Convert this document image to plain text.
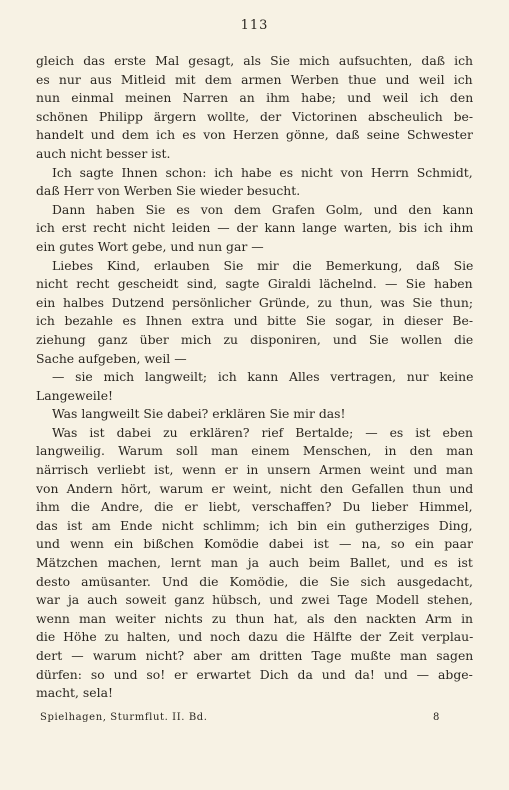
113
gleich das erste Mal gesagt, als Sie mich aufsuchten, daß ich
es nur aus Mitleid mit dem armen Werben thue und weil ich
nun einmal meinen Narren an ihm habe; und weil ich den
schönen Philipp ärgern wollte, der Victorinen abscheulich be-
handelt und dem ich es von Herzen gönne, daß seine Schwester
auch nicht besser ist.
Ich sagte Ihnen schon: ich habe es nicht von Herrn Schmidt,
daß Herr von Werben Sie wieder besucht.
Dann haben Sie es von dem Grafen Golm, und den kann
ich erst recht nicht leiden — der kann lange warten, bis ich ihm
ein gutes Wort gebe, und nun gar —
Liebes Kind, erlauben Sie mir die Bemerkung, daß Sie
nicht recht gescheidt sind, sagte Giraldi lächelnd. — Sie haben
ein halbes Dutzend persönlicher Gründe, zu thun, was Sie thun;
ich bezahle es Ihnen extra und bitte Sie sogar, in dieser Be-
ziehung ganz über mich zu disponiren, und Sie wollen die
Sache aufgeben, weil —
— sie mich langweilt; ich kann Alles vertragen, nur keine
Langeweile!
Was langweilt Sie dabei? erklären Sie mir das!
Was ist dabei zu erklären? rief Bertalde; — es ist eben
langweilig. Warum soll man einem Menschen, in den man
närrisch verliebt ist, wenn er in unsern Armen weint und man
von Andern hört, warum er weint, nicht den Gefallen thun und
ihm die Andre, die er liebt, verschaffen? Du lieber Himmel,
das ist am Ende nicht schlimm; ich bin ein gutherziges Ding,
und wenn ein bißchen Komödie dabei ist — na, so ein paar
Mätzchen machen, lernt man ja auch beim Ballet, und es ist
desto amüsanter. Und die Komödie, die Sie sich ausgedacht,
war ja auch soweit ganz hübsch, und zwei Tage Modell stehen,
wenn man weiter nichts zu thun hat, als den nackten Arm in
die Höhe zu halten, und noch dazu die Hälfte der Zeit verplau-
dert — warum nicht? aber am dritten Tage mußte man sagen
dürfen: so und so! er erwartet Dich da und da! und — abge-
macht, sela!
Spielhagen, Sturmflut. II. Bd.	8
